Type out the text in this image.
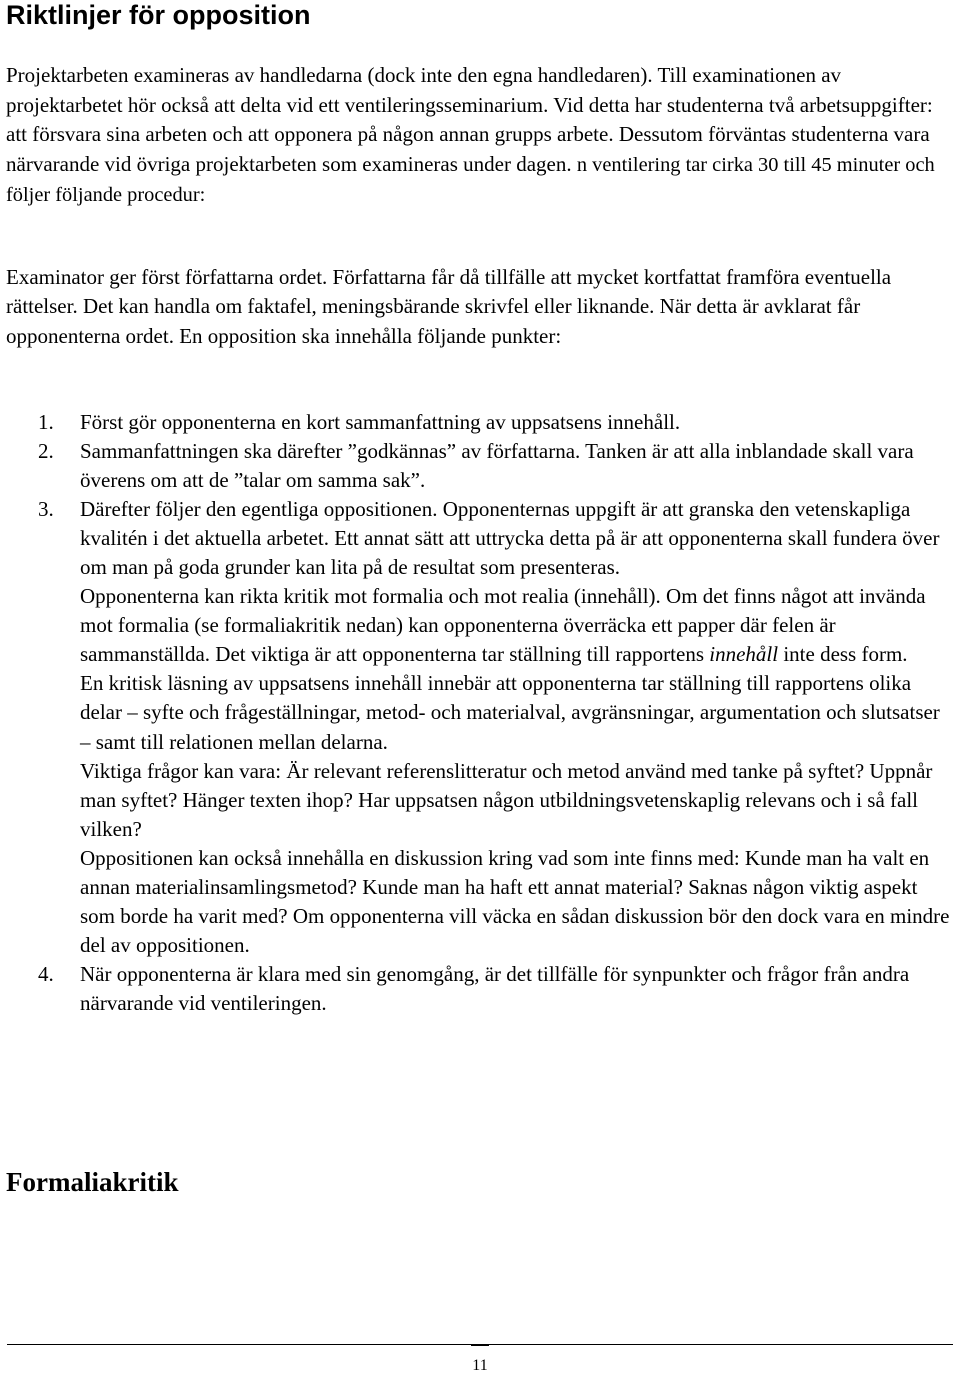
Riktlinjer för opposition

Projektarbeten examineras av handledarna (dock inte den egna handledaren). Till examinationen av projektarbetet hör också att delta vid ett ventileringsseminarium. Vid detta har studenterna två arbetsuppgifter: att försvara sina arbeten och att opponera på någon annan grupps arbete. Dessutom förväntas studenterna vara närvarande vid övriga projektarbeten som examineras under dagen. n ventilering tar cirka 30 till 45 minuter och följer följande procedur:

Examinator ger först författarna ordet. Författarna får då tillfälle att mycket kortfattat framföra eventuella rättelser. Det kan handla om faktafel, meningsbärande skrivfel eller liknande. När detta är avklarat får opponenterna ordet. En opposition ska innehålla följande punkter:

1. Först gör opponenterna en kort sammanfattning av uppsatsens innehåll.

2. Sammanfattningen ska därefter ”godkännas” av författarna. Tanken är att alla inblandade skall vara överens om att de ”talar om samma sak”.

3. Därefter följer den egentliga oppositionen. Opponenternas uppgift är att granska den vetenskapliga kvalitén i det aktuella arbetet. Ett annat sätt att uttrycka detta på är att opponenterna skall fundera över om man på goda grunder kan lita på de resultat som presenteras.

Opponenterna kan rikta kritik mot formalia och mot realia (innehåll). Om det finns något att invända mot formalia (se formaliakritik nedan) kan opponenterna överräcka ett papper där felen är sammanställda. Det viktiga är att opponenterna tar ställning till rapportens innehåll inte dess form.

En kritisk läsning av uppsatsens innehåll innebär att opponenterna tar ställning till rapportens olika delar – syfte och frågeställningar, metod- och materialval, avgränsningar, argumentation och slutsatser – samt till relationen mellan delarna.

Viktiga frågor kan vara: Är relevant referenslitteratur och metod använd med tanke på syftet? Uppnår man syftet? Hänger texten ihop? Har uppsatsen någon utbildningsvetenskaplig relevans och i så fall vilken?

Oppositionen kan också innehålla en diskussion kring vad som inte finns med: Kunde man ha valt en annan materialinsamlingsmetod? Kunde man ha haft ett annat material? Saknas någon viktig aspekt som borde ha varit med? Om opponenterna vill väcka en sådan diskussion bör den dock vara en mindre del av oppositionen.

4. När opponenterna är klara med sin genomgång, är det tillfälle för synpunkter och frågor från andra närvarande vid ventileringen.

Formaliakritik
11
